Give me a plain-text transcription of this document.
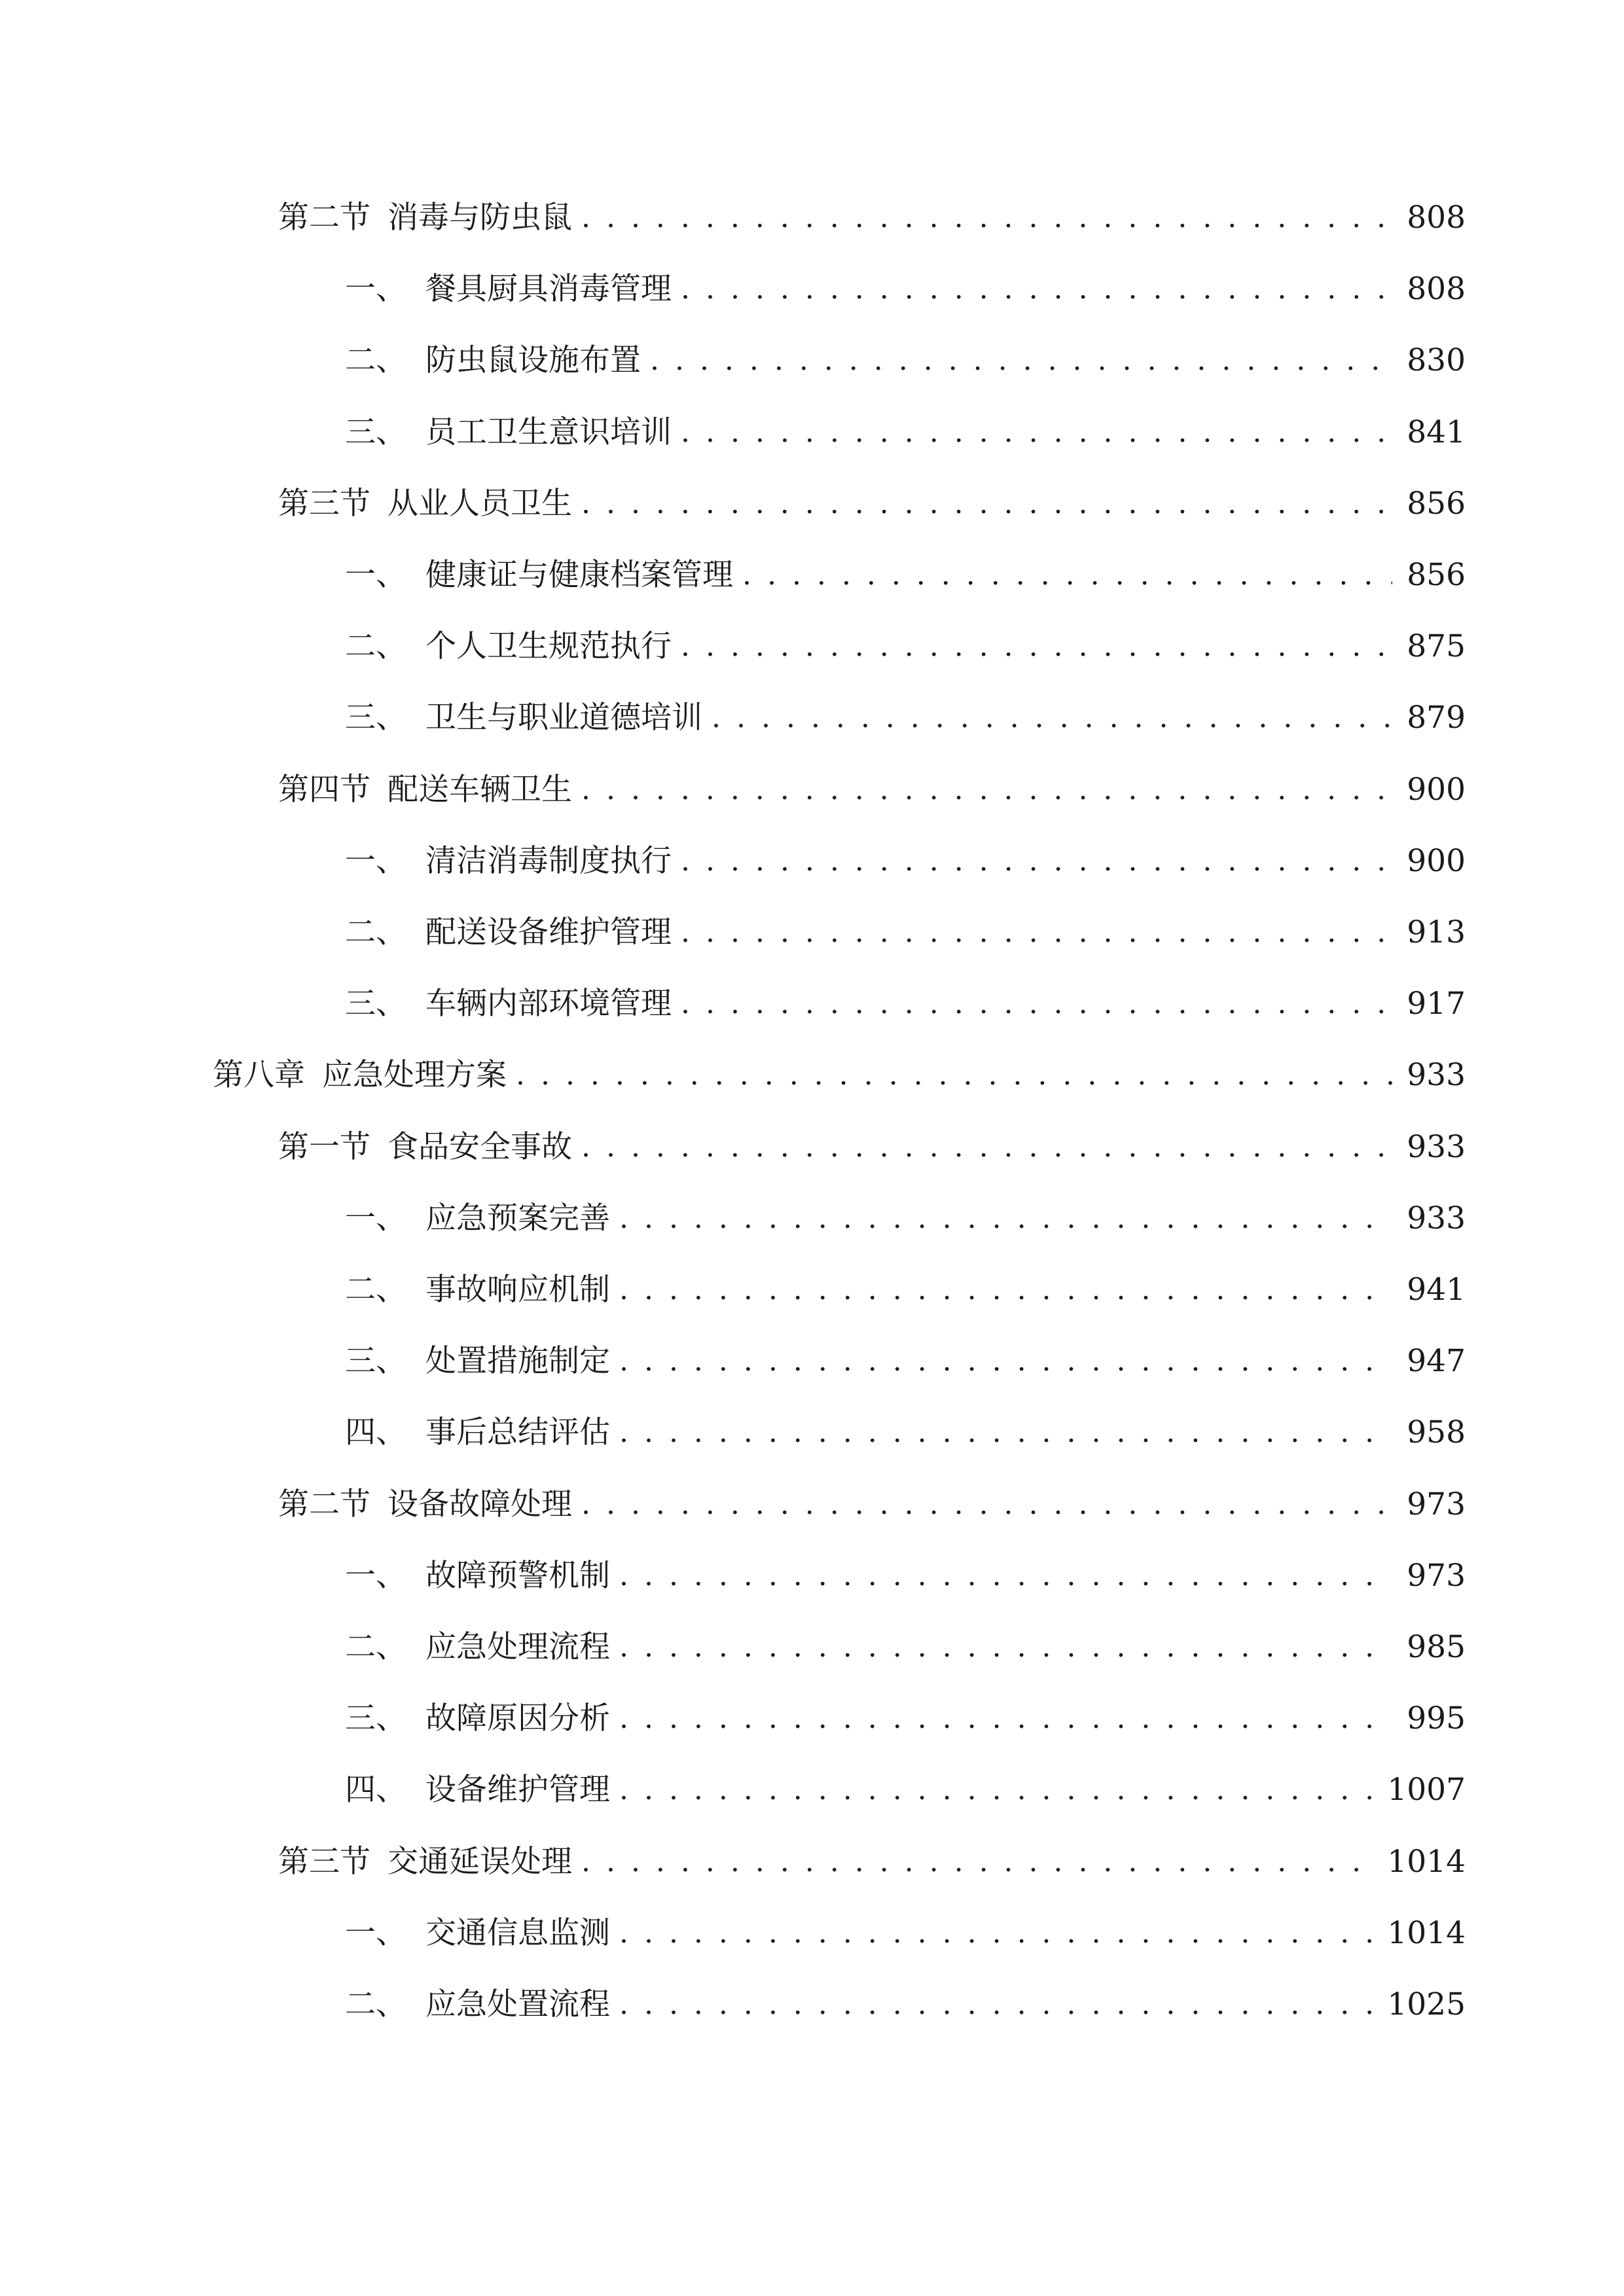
第二节 消毒与防虫鼠 . . .	808
一、 餐具厨具消毒管理 . . .	808
二、 防虫鼠设施布置 . . .	830
三、 员工卫生意识培训 . . .	841
第三节 从业人员卫生 . . .	856
一、 健康证与健康档案管理 . . .	856
二、 个人卫生规范执行 . . .	875
三、 卫生与职业道德培训 . . .	879
第四节 配送车辆卫生 . . .	900
一、 清洁消毒制度执行 . . .	900
二、 配送设备维护管理 . . .	913
三、 车辆内部环境管理 . . .	917
第八章 应急处理方案 . . .	933
第一节 食品安全事故 . . .	933
一、 应急预案完善 . . .	933
二、 事故响应机制 . . .	941
三、 处置措施制定 . . .	947
四、 事后总结评估 . . .	958
第二节 设备故障处理 . . .	973
一、 故障预警机制 . . .	973
二、 应急处理流程 . . .	985
三、 故障原因分析 . . .	995
四、 设备维护管理 . . .	1007
第三节 交通延误处理 . . .	1014
一、 交通信息监测 . . .	1014
二、 应急处置流程 . . .	1025
